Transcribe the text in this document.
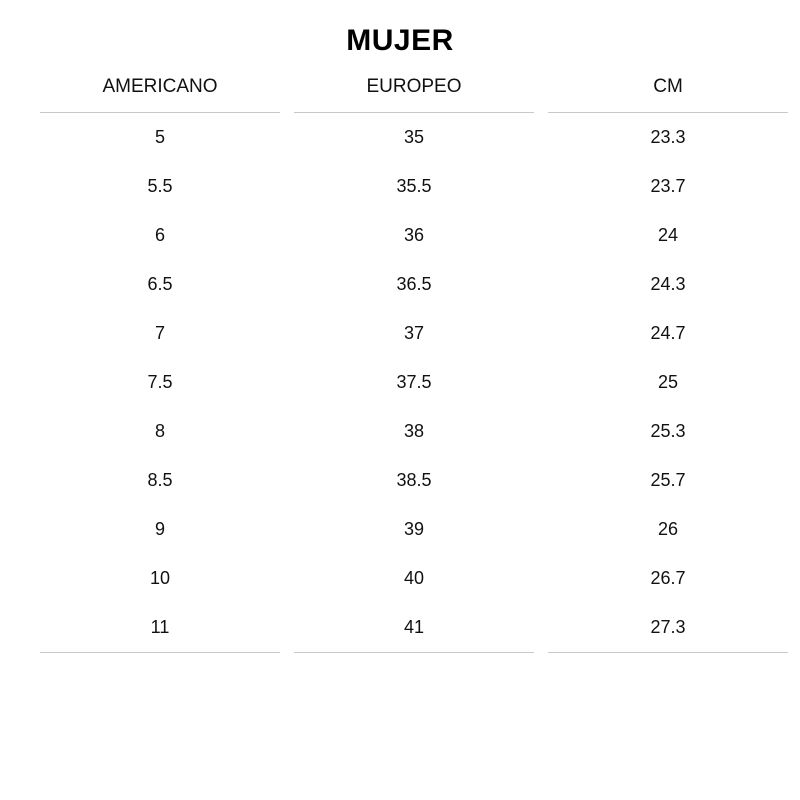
MUJER
AMERICANO		EUROPEO		CM
5		35		23.3
5.5		35.5		23.7
6		36		24
6.5		36.5		24.3
7		37		24.7
7.5		37.5		25
8		38		25.3
8.5		38.5		25.7
9		39		26
10		40		26.7
11		41		27.3
